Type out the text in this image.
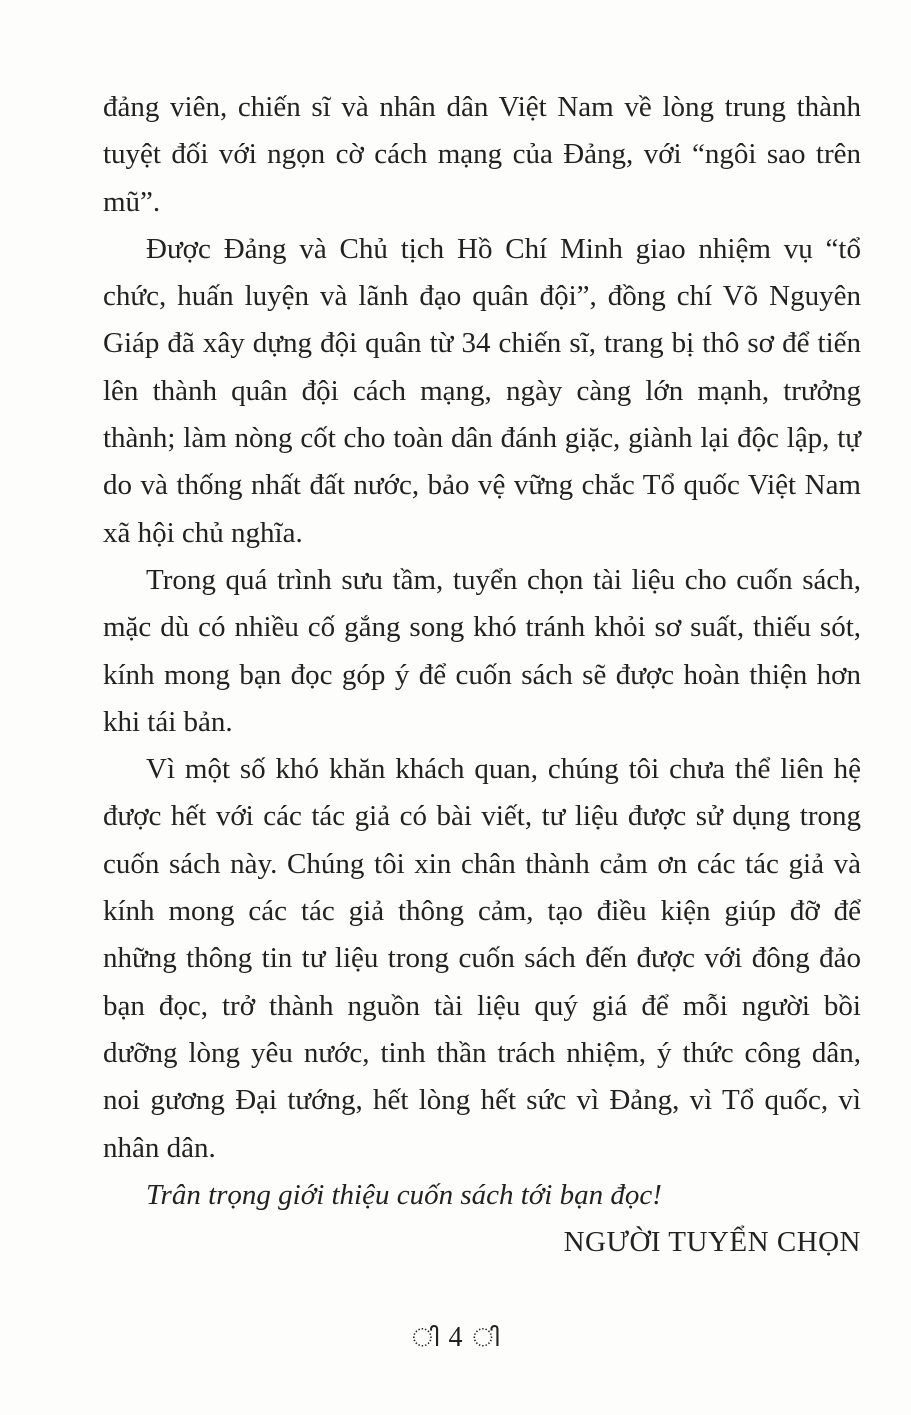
đảng viên, chiến sĩ và nhân dân Việt Nam về lòng trung thành tuyệt đối với ngọn cờ cách mạng của Đảng, với “ngôi sao trên mũ”.

Được Đảng và Chủ tịch Hồ Chí Minh giao nhiệm vụ “tổ chức, huấn luyện và lãnh đạo quân đội”, đồng chí Võ Nguyên Giáp đã xây dựng đội quân từ 34 chiến sĩ, trang bị thô sơ để tiến lên thành quân đội cách mạng, ngày càng lớn mạnh, trưởng thành; làm nòng cốt cho toàn dân đánh giặc, giành lại độc lập, tự do và thống nhất đất nước, bảo vệ vững chắc Tổ quốc Việt Nam xã hội chủ nghĩa.

Trong quá trình sưu tầm, tuyển chọn tài liệu cho cuốn sách, mặc dù có nhiều cố gắng song khó tránh khỏi sơ suất, thiếu sót, kính mong bạn đọc góp ý để cuốn sách sẽ được hoàn thiện hơn khi tái bản.

Vì một số khó khăn khách quan, chúng tôi chưa thể liên hệ được hết với các tác giả có bài viết, tư liệu được sử dụng trong cuốn sách này. Chúng tôi xin chân thành cảm ơn các tác giả và kính mong các tác giả thông cảm, tạo điều kiện giúp đỡ để những thông tin tư liệu trong cuốn sách đến được với đông đảo bạn đọc, trở thành nguồn tài liệu quý giá để mỗi người bồi dưỡng lòng yêu nước, tinh thần trách nhiệm, ý thức công dân, noi gương Đại tướng, hết lòng hết sức vì Đảng, vì Tổ quốc, vì nhân dân.

Trân trọng giới thiệu cuốn sách tới bạn đọc!

NGƯỜI TUYỂN CHỌN

ി 4 ി
